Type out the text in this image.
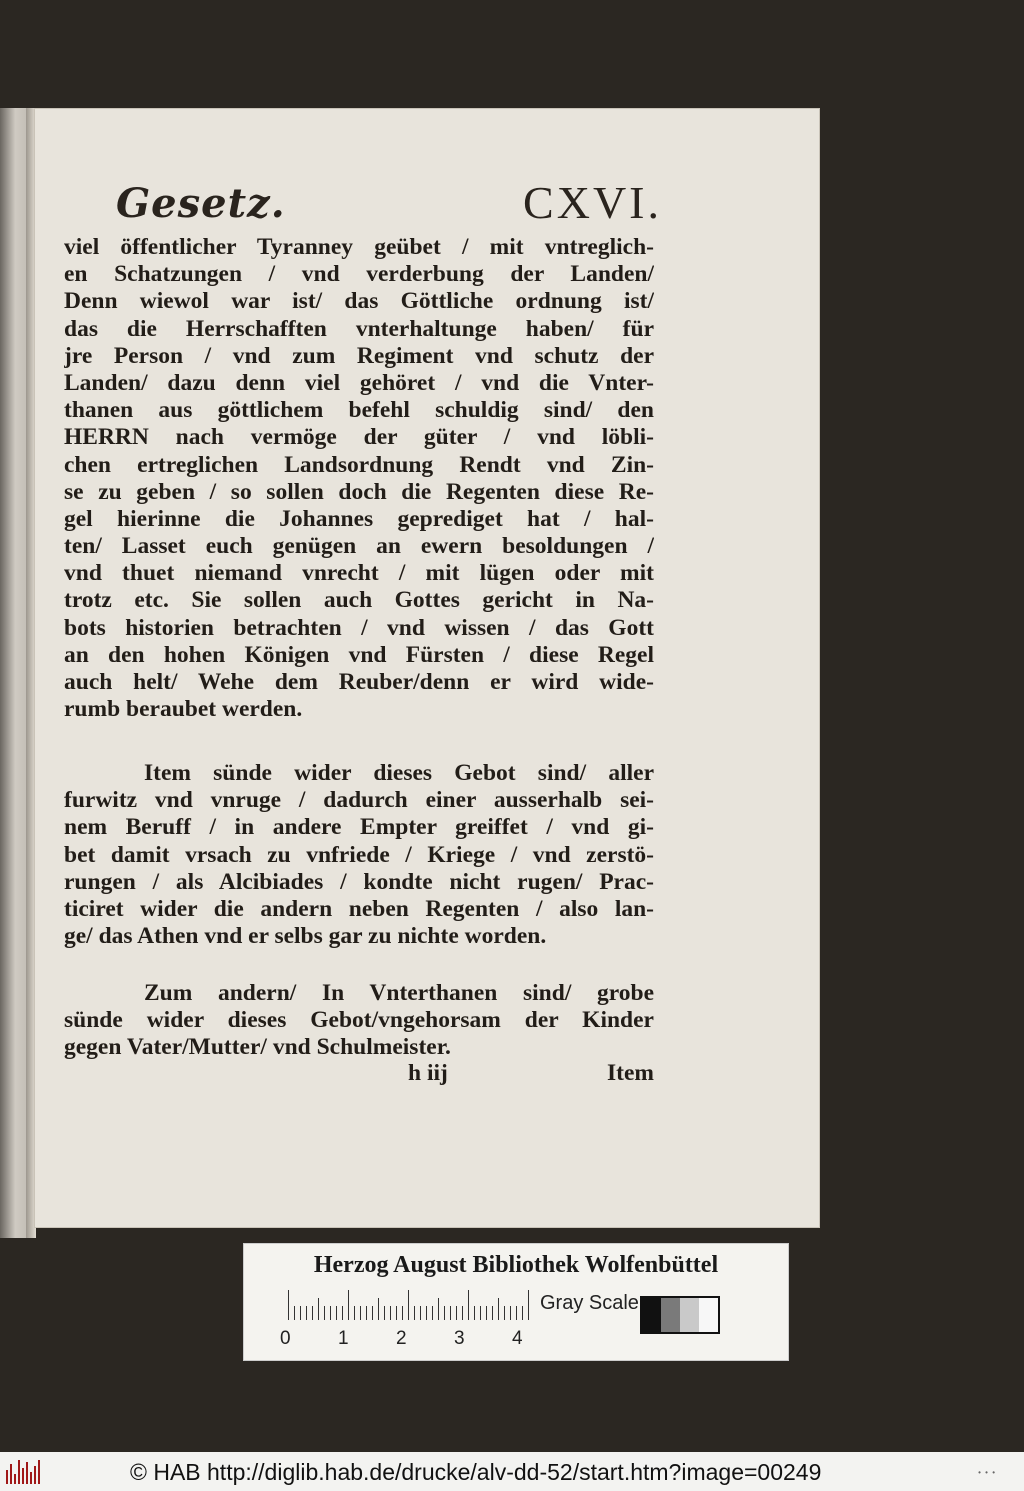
Gesetz.	CXVI.
viel öffentlicher Tyranney geübet / mit vntreglich-
en Schatzungen / vnd verderbung der Landen/
Denn wiewol war ist/ das Göttliche ordnung ist/
das die Herrschafften vnterhaltunge haben/ für
jre Person / vnd zum Regiment vnd schutz der
Landen/ dazu denn viel gehöret / vnd die Vnter-
thanen aus göttlichem befehl schuldig sind/ den
HERRN nach vermöge der güter / vnd löbli-
chen ertreglichen Landsordnung Rendt vnd Zin-
se zu geben / so sollen doch die Regenten diese Re-
gel hierinne die Johannes geprediget hat / hal-
ten/ Lasset euch genügen an ewern besoldungen /
vnd thuet niemand vnrecht / mit lügen oder mit
trotz etc. Sie sollen auch Gottes gericht in Na-
bots historien betrachten / vnd wissen / das Gott
an den hohen Königen vnd Fürsten / diese Regel
auch helt/ Wehe dem Reuber/denn er wird wide-
rumb beraubet werden.
Item sünde wider dieses Gebot sind/ aller
furwitz vnd vnruge / dadurch einer ausserhalb sei-
nem Beruff / in andere Empter greiffet / vnd gi-
bet damit vrsach zu vnfriede / Kriege / vnd zerstö-
rungen / als Alcibiades / kondte nicht rugen/ Prac-
ticiret wider die andern neben Regenten / also lan-
ge/ das Athen vnd er selbs gar zu nichte worden.
Zum andern/ In Vnterthanen sind/ grobe
sünde wider dieses Gebot/vngehorsam der Kinder
gegen Vater/Mutter/ vnd Schulmeister.
h iij	Item
Herzog August Bibliothek Wolfenbüttel
0 1 2 3 4
Gray Scale
© HAB http://diglib.hab.de/drucke/alv-dd-52/start.htm?image=00249	• • •
